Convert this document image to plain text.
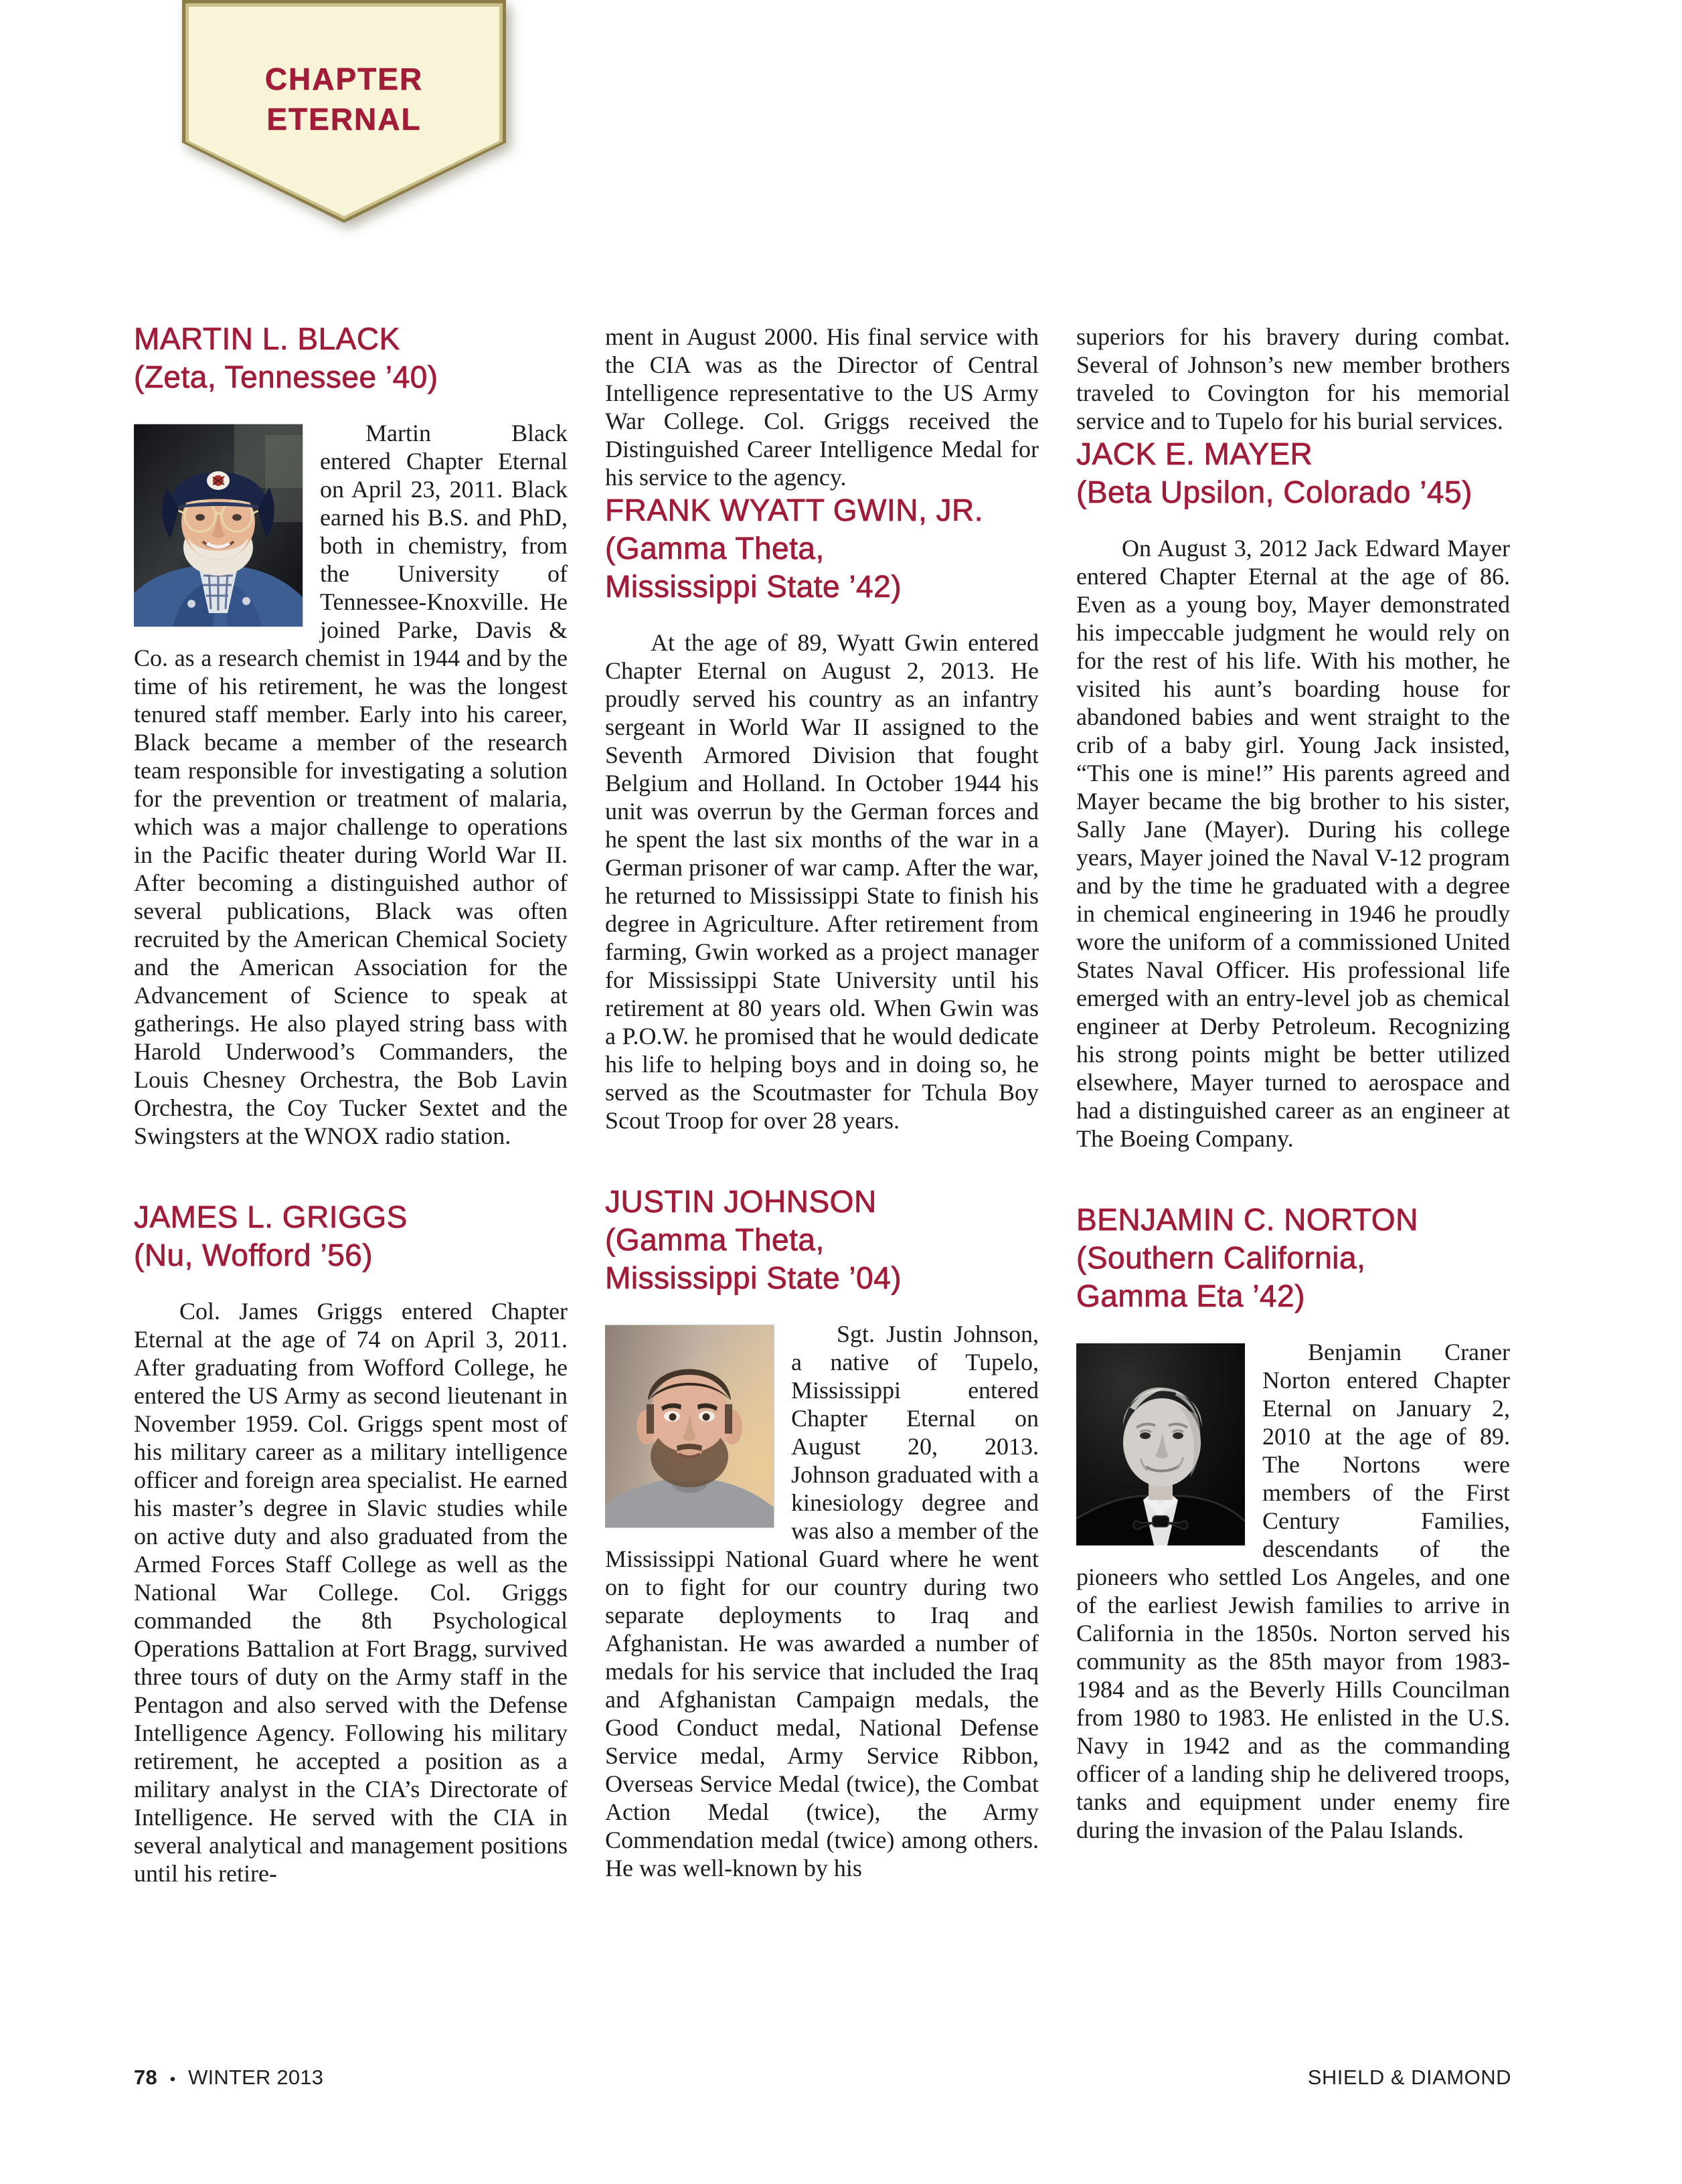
CHAPTER
ETERNAL
MARTIN L. BLACK
(Zeta, Tennessee ’40)

Martin Black entered Chapter Eternal on April 23, 2011. Black earned his B.S. and PhD, both in chemistry, from the University of Tennessee-Knoxville. He joined Parke, Davis & Co. as a research chemist in 1944 and by the time of his retirement, he was the longest tenured staff member. Early into his career, Black became a member of the research team responsible for investigating a solution for the prevention or treatment of malaria, which was a major challenge to operations in the Pacific theater during World War II. After becoming a distinguished author of several publications, Black was often recruited by the American Chemical Society and the American Association for the Advancement of Science to speak at gatherings. He also played string bass with Harold Underwood’s Commanders, the Louis Chesney Orchestra, the Bob Lavin Orchestra, the Coy Tucker Sextet and the Swingsters at the WNOX radio station.

JAMES L. GRIGGS
(Nu, Wofford ’56)

Col. James Griggs entered Chapter Eternal at the age of 74 on April 3, 2011. After graduating from Wofford College, he entered the US Army as second lieutenant in November 1959. Col. Griggs spent most of his military career as a military intelligence officer and foreign area specialist. He earned his master’s degree in Slavic studies while on active duty and also graduated from the Armed Forces Staff College as well as the National War College. Col. Griggs commanded the 8th Psychological Operations Battalion at Fort Bragg, survived three tours of duty on the Army staff in the Pentagon and also served with the Defense Intelligence Agency. Following his military retirement, he accepted a position as a military analyst in the CIA’s Directorate of Intelligence. He served with the CIA in several analytical and management positions until his retire-

ment in August 2000. His final service with the CIA was as the Director of Central Intelligence representative to the US Army War College. Col. Griggs received the Distinguished Career Intelligence Medal for his service to the agency.

FRANK WYATT GWIN, JR.
(Gamma Theta,
Mississippi State ’42)

At the age of 89, Wyatt Gwin entered Chapter Eternal on August 2, 2013. He proudly served his country as an infantry sergeant in World War II assigned to the Seventh Armored Division that fought Belgium and Holland. In October 1944 his unit was overrun by the German forces and he spent the last six months of the war in a German prisoner of war camp. After the war, he returned to Mississippi State to finish his degree in Agriculture. After retirement from farming, Gwin worked as a project manager for Mississippi State University until his retirement at 80 years old. When Gwin was a P.O.W. he promised that he would dedicate his life to helping boys and in doing so, he served as the Scoutmaster for Tchula Boy Scout Troop for over 28 years.

JUSTIN JOHNSON
(Gamma Theta,
Mississippi State ’04)

Sgt. Justin Johnson, a native of Tupelo, Mississippi entered Chapter Eternal on August 20, 2013. Johnson graduated with a kinesiology degree and was also a member of the Mississippi National Guard where he went on to fight for our country during two separate deployments to Iraq and Afghanistan. He was awarded a number of medals for his service that included the Iraq and Afghanistan Campaign medals, the Good Conduct medal, National Defense Service medal, Army Service Ribbon, Overseas Service Medal (twice), the Combat Action Medal (twice), the Army Commendation medal (twice) among others. He was well-known by his

superiors for his bravery during combat. Several of Johnson’s new member brothers traveled to Covington for his memorial service and to Tupelo for his burial services.

JACK E. MAYER
(Beta Upsilon, Colorado ’45)

On August 3, 2012 Jack Edward Mayer entered Chapter Eternal at the age of 86. Even as a young boy, Mayer demonstrated his impeccable judgment he would rely on for the rest of his life. With his mother, he visited his aunt’s boarding house for abandoned babies and went straight to the crib of a baby girl. Young Jack insisted, “This one is mine!” His parents agreed and Mayer became the big brother to his sister, Sally Jane (Mayer). During his college years, Mayer joined the Naval V-12 program and by the time he graduated with a degree in chemical engineering in 1946 he proudly wore the uniform of a commissioned United States Naval Officer. His professional life emerged with an entry-level job as chemical engineer at Derby Petroleum. Recognizing his strong points might be better utilized elsewhere, Mayer turned to aerospace and had a distinguished career as an engineer at The Boeing Company.

BENJAMIN C. NORTON
(Southern California,
Gamma Eta ’42)

Benjamin Craner Norton entered Chapter Eternal on January 2, 2010 at the age of 89. The Nortons were members of the First Century Families, descendants of the pioneers who settled Los Angeles, and one of the earliest Jewish families to arrive in California in the 1850s. Norton served his community as the 85th mayor from 1983-1984 and as the Beverly Hills Councilman from 1980 to 1983. He enlisted in the U.S. Navy in 1942 and as the commanding officer of a landing ship he delivered troops, tanks and equipment under enemy fire during the invasion of the Palau Islands.

78 • WINTER 2013	SHIELD & DIAMOND
